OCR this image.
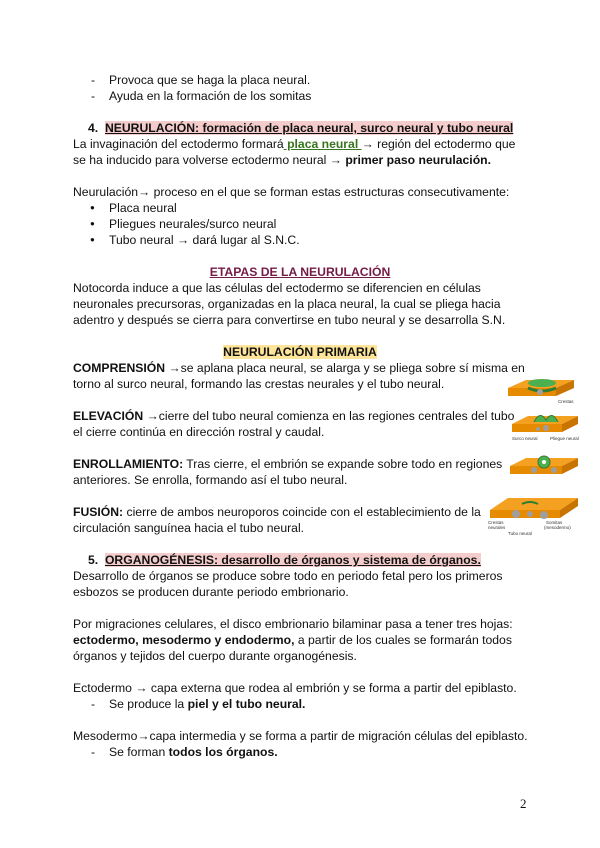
- Provoca que se haga la placa neural.
- Ayuda en la formación de los somitas
4. NEURULACIÓN: formación de placa neural, surco neural y tubo neural
La invaginación del ectodermo formará placa neural → región del ectodermo que
se ha inducido para volverse ectodermo neural → primer paso neurulación.
Neurulación→ proceso en el que se forman estas estructuras consecutivamente:
● Placa neural
● Pliegues neurales/surco neural
● Tubo neural → dará lugar al S.N.C.
ETAPAS DE LA NEURULACIÓN
Notocorda induce a que las células del ectodermo se diferencien en células
neuronales precursoras, organizadas en la placa neural, la cual se pliega hacia
adentro y después se cierra para convertirse en tubo neural y se desarrolla S.N.
NEURULACIÓN PRIMARIA
COMPRENSIÓN →se aplana placa neural, se alarga y se pliega sobre sí misma en
torno al surco neural, formando las crestas neurales y el tubo neural.
ELEVACIÓN →cierre del tubo neural comienza en las regiones centrales del tubo
el cierre continúa en dirección rostral y caudal.
ENROLLAMIENTO: Tras cierre, el embrión se expande sobre todo en regiones
anteriores. Se enrolla, formando así el tubo neural.
FUSIÓN: cierre de ambos neuroporos coincide con el establecimiento de la
circulación sanguínea hacia el tubo neural.
Crestas
Surco neural	Pliegue neural
Crestas
neurales
Tubo neural
Somitas
(mesodermo)
5. ORGANOGÉNESIS: desarrollo de órganos y sistema de órganos.
Desarrollo de órganos se produce sobre todo en periodo fetal pero los primeros
esbozos se producen durante periodo embrionario.
Por migraciones celulares, el disco embrionario bilaminar pasa a tener tres hojas:
ectodermo, mesodermo y endodermo, a partir de los cuales se formarán todos
órganos y tejidos del cuerpo durante organogénesis.
Ectodermo → capa externa que rodea al embrión y se forma a partir del epiblasto.
- Se produce la piel y el tubo neural.
Mesodermo→capa intermedia y se forma a partir de migración células del epiblasto.
- Se forman todos los órganos.
2
